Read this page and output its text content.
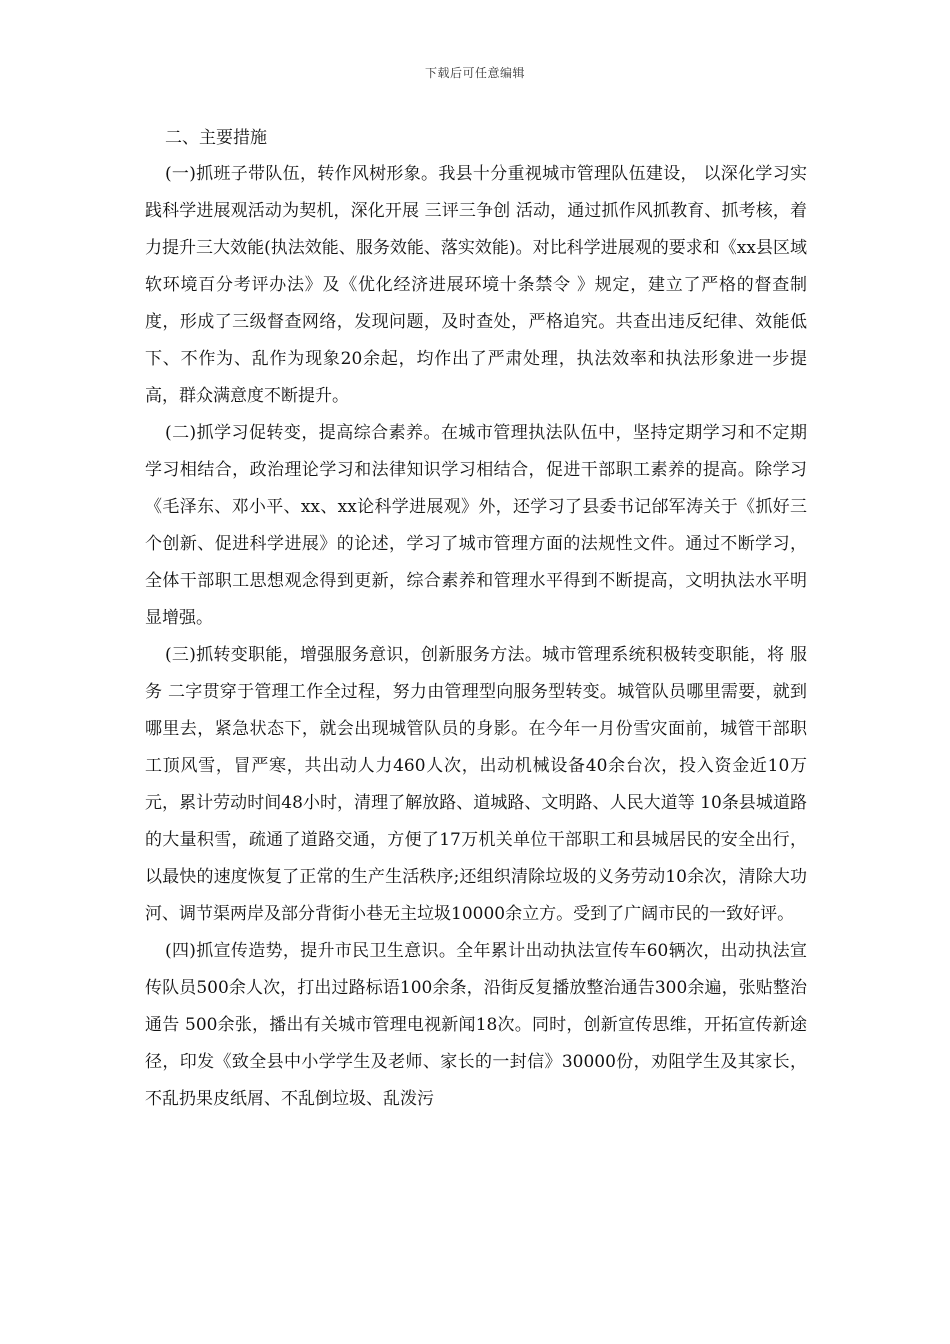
下载后可任意编辑

二、主要措施

(一)抓班子带队伍，转作风树形象。我县十分重视城市管理队伍建设， 以深化学习实践科学进展观活动为契机，深化开展 三评三争创 活动，通过抓作风抓教育、抓考核，着力提升三大效能(执法效能、服务效能、落实效能)。对比科学进展观的要求和《xx县区域软环境百分考评办法》及《优化经济进展环境十条禁令 》规定，建立了严格的督查制度，形成了三级督查网络，发现问题，及时查处，严格追究。共查出违反纪律、效能低下、不作为、乱作为现象20余起，均作出了严肃处理，执法效率和执法形象进一步提高，群众满意度不断提升。

(二)抓学习促转变，提高综合素养。在城市管理执法队伍中，坚持定期学习和不定期学习相结合，政治理论学习和法律知识学习相结合，促进干部职工素养的提高。除学习《毛泽东、邓小平、xx、xx论科学进展观》外，还学习了县委书记邰军涛关于《抓好三个创新、促进科学进展》的论述，学习了城市管理方面的法规性文件。通过不断学习，全体干部职工思想观念得到更新，综合素养和管理水平得到不断提高，文明执法水平明显增强。

(三)抓转变职能，增强服务意识，创新服务方法。城市管理系统积极转变职能，将 服务 二字贯穿于管理工作全过程，努力由管理型向服务型转变。城管队员哪里需要，就到哪里去，紧急状态下，就会出现城管队员的身影。在今年一月份雪灾面前，城管干部职工顶风雪，冒严寒，共出动人力460人次，出动机械设备40余台次，投入资金近10万元，累计劳动时间48小时，清理了解放路、道城路、文明路、人民大道等 10条县城道路的大量积雪，疏通了道路交通，方便了17万机关单位干部职工和县城居民的安全出行，以最快的速度恢复了正常的生产生活秩序;还组织清除垃圾的义务劳动10余次，清除大功河、调节渠两岸及部分背街小巷无主垃圾10000余立方。受到了广阔市民的一致好评。

(四)抓宣传造势，提升市民卫生意识。全年累计出动执法宣传车60辆次，出动执法宣传队员500余人次，打出过路标语100余条，沿街反复播放整治通告300余遍，张贴整治通告 500余张，播出有关城市管理电视新闻18次。同时，创新宣传思维，开拓宣传新途径，印发《致全县中小学学生及老师、家长的一封信》30000份，劝阻学生及其家长，不乱扔果皮纸屑、不乱倒垃圾、乱泼污
